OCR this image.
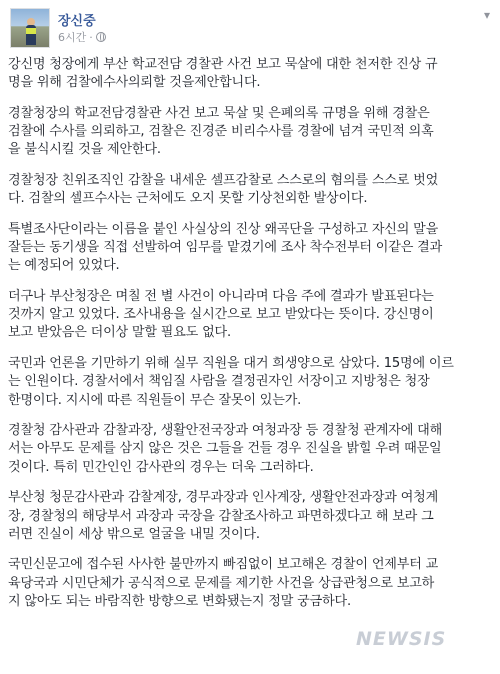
장신중
6시간 ·
▾

강신명 청장에게 부산 학교전담 경찰관 사건 보고 묵살에 대한 천저한 진상 규
명을 위해 검찰에수사의뢰할 것을제안합니다.

경찰청장의 학교전담경찰관 사건 보고 묵살 및 은폐의록 규명을 위해 경찰은
검찰에 수사를 의뢰하고, 검찰은 진경준 비리수사를 경찰에 넘겨 국민적 의혹
을 불식시킬 것을 제안한다.

경찰청장 친위조직인 감찰을 내세운 셀프감찰로 스스로의 혐의를 스스로 벗었
다. 검찰의 셀프수사는 근처에도 오지 못할 기상천외한 발상이다.

특별조사단이라는 이름을 붙인 사실상의 진상 왜곡단을 구성하고 자신의 말을
잘듣는 동기생을 직접 선발하여 임무를 맡겼기에 조사 착수전부터 이같은 결과
는 예정되어 있었다.

더구나 부산청장은 며칠 전 별 사건이 아니라며 다음 주에 결과가 발표된다는
것까지 알고 있었다. 조사내용을 실시간으로 보고 받았다는 뜻이다. 강신명이
보고 받았음은 더이상 말할 필요도 없다.

국민과 언론을 기만하기 위해 실무 직원을 대거 희생양으로 삼았다. 15명에 이르
는 인원이다. 경찰서에서 책임질 사람을 결정권자인 서장이고 지방청은 청장
한명이다. 지시에 따른 직원들이 무슨 잘못이 있는가.

경찰청 감사관과 감찰과장, 생활안전국장과 여청과장 등 경찰청 관계자에 대해
서는 아무도 문제를 삼지 않은 것은 그들을 건들 경우 진실을 밝힐 우려 때문일
것이다. 특히 민간인인 감사관의 경우는 더욱 그러하다.

부산청 청문감사관과 감찰계장, 경무과장과 인사계장, 생활안전과장과 여청계
장, 경찰청의 해당부서 과장과 국장을 감찰조사하고 파면하겠다고 해 보라 그
러면 진실이 세상 밖으로 얼굴을 내밀 것이다.

국민신문고에 접수된 사사한 불만까지 빠짐없이 보고해온 경찰이 언제부터 교
육당국과 시민단체가 공식적으로 문제를 제기한 사건을 상급관청으로 보고하
지 않아도 되는 바람직한 방향으로 변화됐는지 정말 궁금하다.

NEWSIS
